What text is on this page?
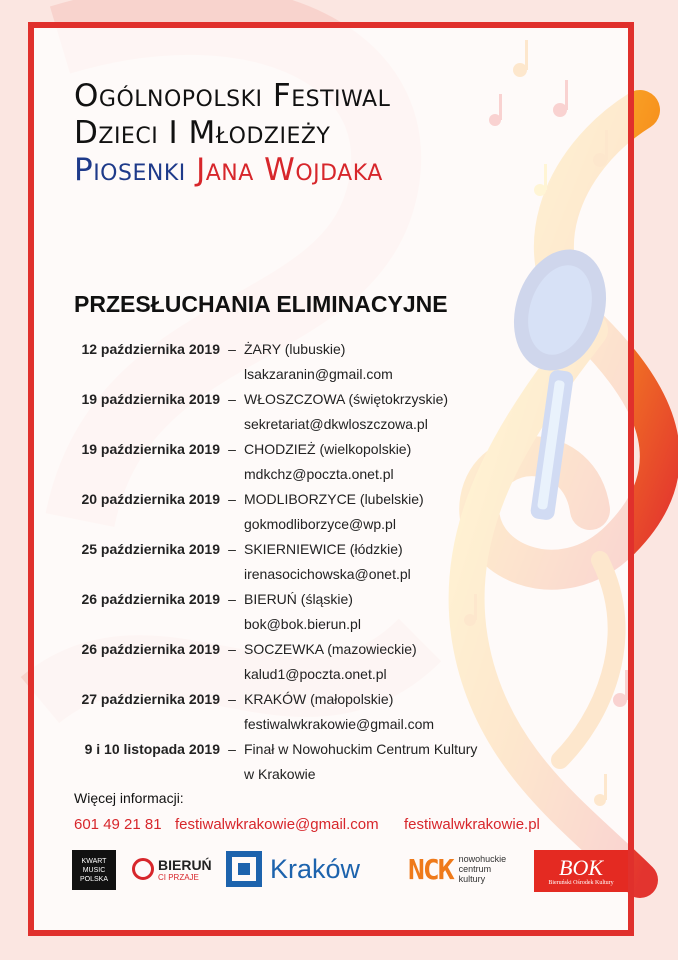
Ogólnopolski Festiwal
Dzieci I Młodzieży
Piosenki Jana Wojdaka
PRZESŁUCHANIA ELIMINACYJNE
12 października 2019 – ŻARY (lubuskie)
lsakzaranin@gmail.com
19 października 2019 – WŁOSZCZOWA (świętokrzyskie)
sekretariat@dkwloszczowa.pl
19 października 2019 – CHODZIEŻ (wielkopolskie)
mdkchz@poczta.onet.pl
20 października 2019 – MODLIBORZYCE (lubelskie)
gokmodliborzyce@wp.pl
25 października 2019 – SKIERNIEWICE (łódzkie)
irenasocichowska@onet.pl
26 października 2019 – BIERUŃ (śląskie)
bok@bok.bierun.pl
26 października 2019 – SOCZEWKA (mazowieckie)
kalud1@poczta.onet.pl
27 października 2019 – KRAKÓW (małopolskie)
festiwalwkrakowie@gmail.com
9 i 10 listopada 2019 – Finał w Nowohuckim Centrum Kultury
w Krakowie
Więcej informacji:
601 49 21 81 festiwalwkrakowie@gmail.com festiwalwkrakowie.pl
KWART
MUSIC
POLSKA
BIERUŃ
CI PRZAJE	Kraków NCK nowohuckie
centrum
kultury	BOK
Bieruński Ośrodek Kultury
